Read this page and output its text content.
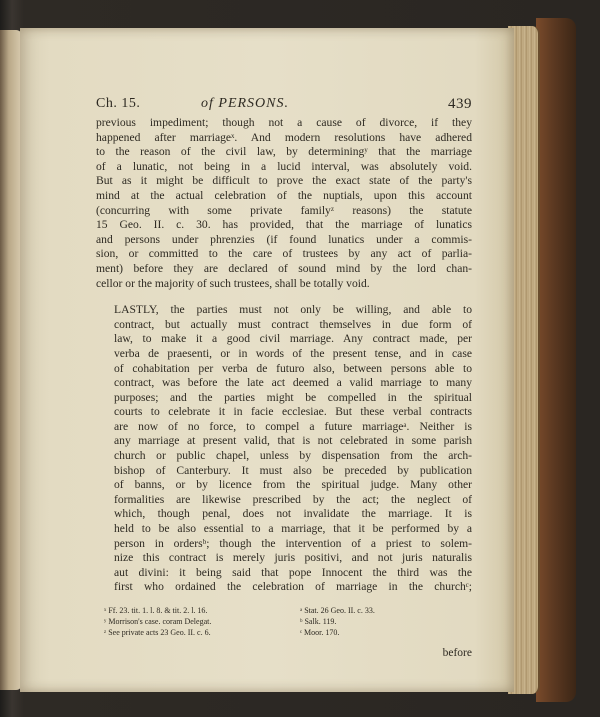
Ch. 15.	of PERSONS.	439

previous impediment; though not a cause of divorce, if they
happened after marriageˣ. And modern resolutions have adhered
to the reason of the civil law, by determiningʸ that the marriage
of a lunatic, not being in a lucid interval, was absolutely void.
But as it might be difficult to prove the exact state of the party's
mind at the actual celebration of the nuptials, upon this account
(concurring with some private familyᶻ reasons) the statute
15 Geo. II. c. 30. has provided, that the marriage of lunatics
and persons under phrenzies (if found lunatics under a commis-
sion, or committed to the care of trustees by any act of parlia-
ment) before they are declared of sound mind by the lord chan-
cellor or the majority of such trustees, shall be totally void.

LASTLY, the parties must not only be willing, and able to
contract, but actually must contract themselves in due form of
law, to make it a good civil marriage. Any contract made, per
verba de praesenti, or in words of the present tense, and in case
of cohabitation per verba de futuro also, between persons able to
contract, was before the late act deemed a valid marriage to many
purposes; and the parties might be compelled in the spiritual
courts to celebrate it in facie ecclesiae. But these verbal contracts
are now of no force, to compel a future marriageᵃ. Neither is
any marriage at present valid, that is not celebrated in some parish
church or public chapel, unless by dispensation from the arch-
bishop of Canterbury. It must also be preceded by publication
of banns, or by licence from the spiritual judge. Many other
formalities are likewise prescribed by the act; the neglect of
which, though penal, does not invalidate the marriage. It is
held to be also essential to a marriage, that it be performed by a
person in ordersᵇ; though the intervention of a priest to solem-
nize this contract is merely juris positivi, and not juris naturalis
aut divini: it being said that pope Innocent the third was the
first who ordained the celebration of marriage in the churchᶜ;

ˣ Ff. 23. tit. 1. l. 8. & tit. 2. l. 16.
ʸ Morrison's case. coram Delegat.
ᶻ See private acts 23 Geo. II. c. 6.
ᵃ Stat. 26 Geo. II. c. 33.
ᵇ Salk. 119.
ᶜ Moor. 170.
before
